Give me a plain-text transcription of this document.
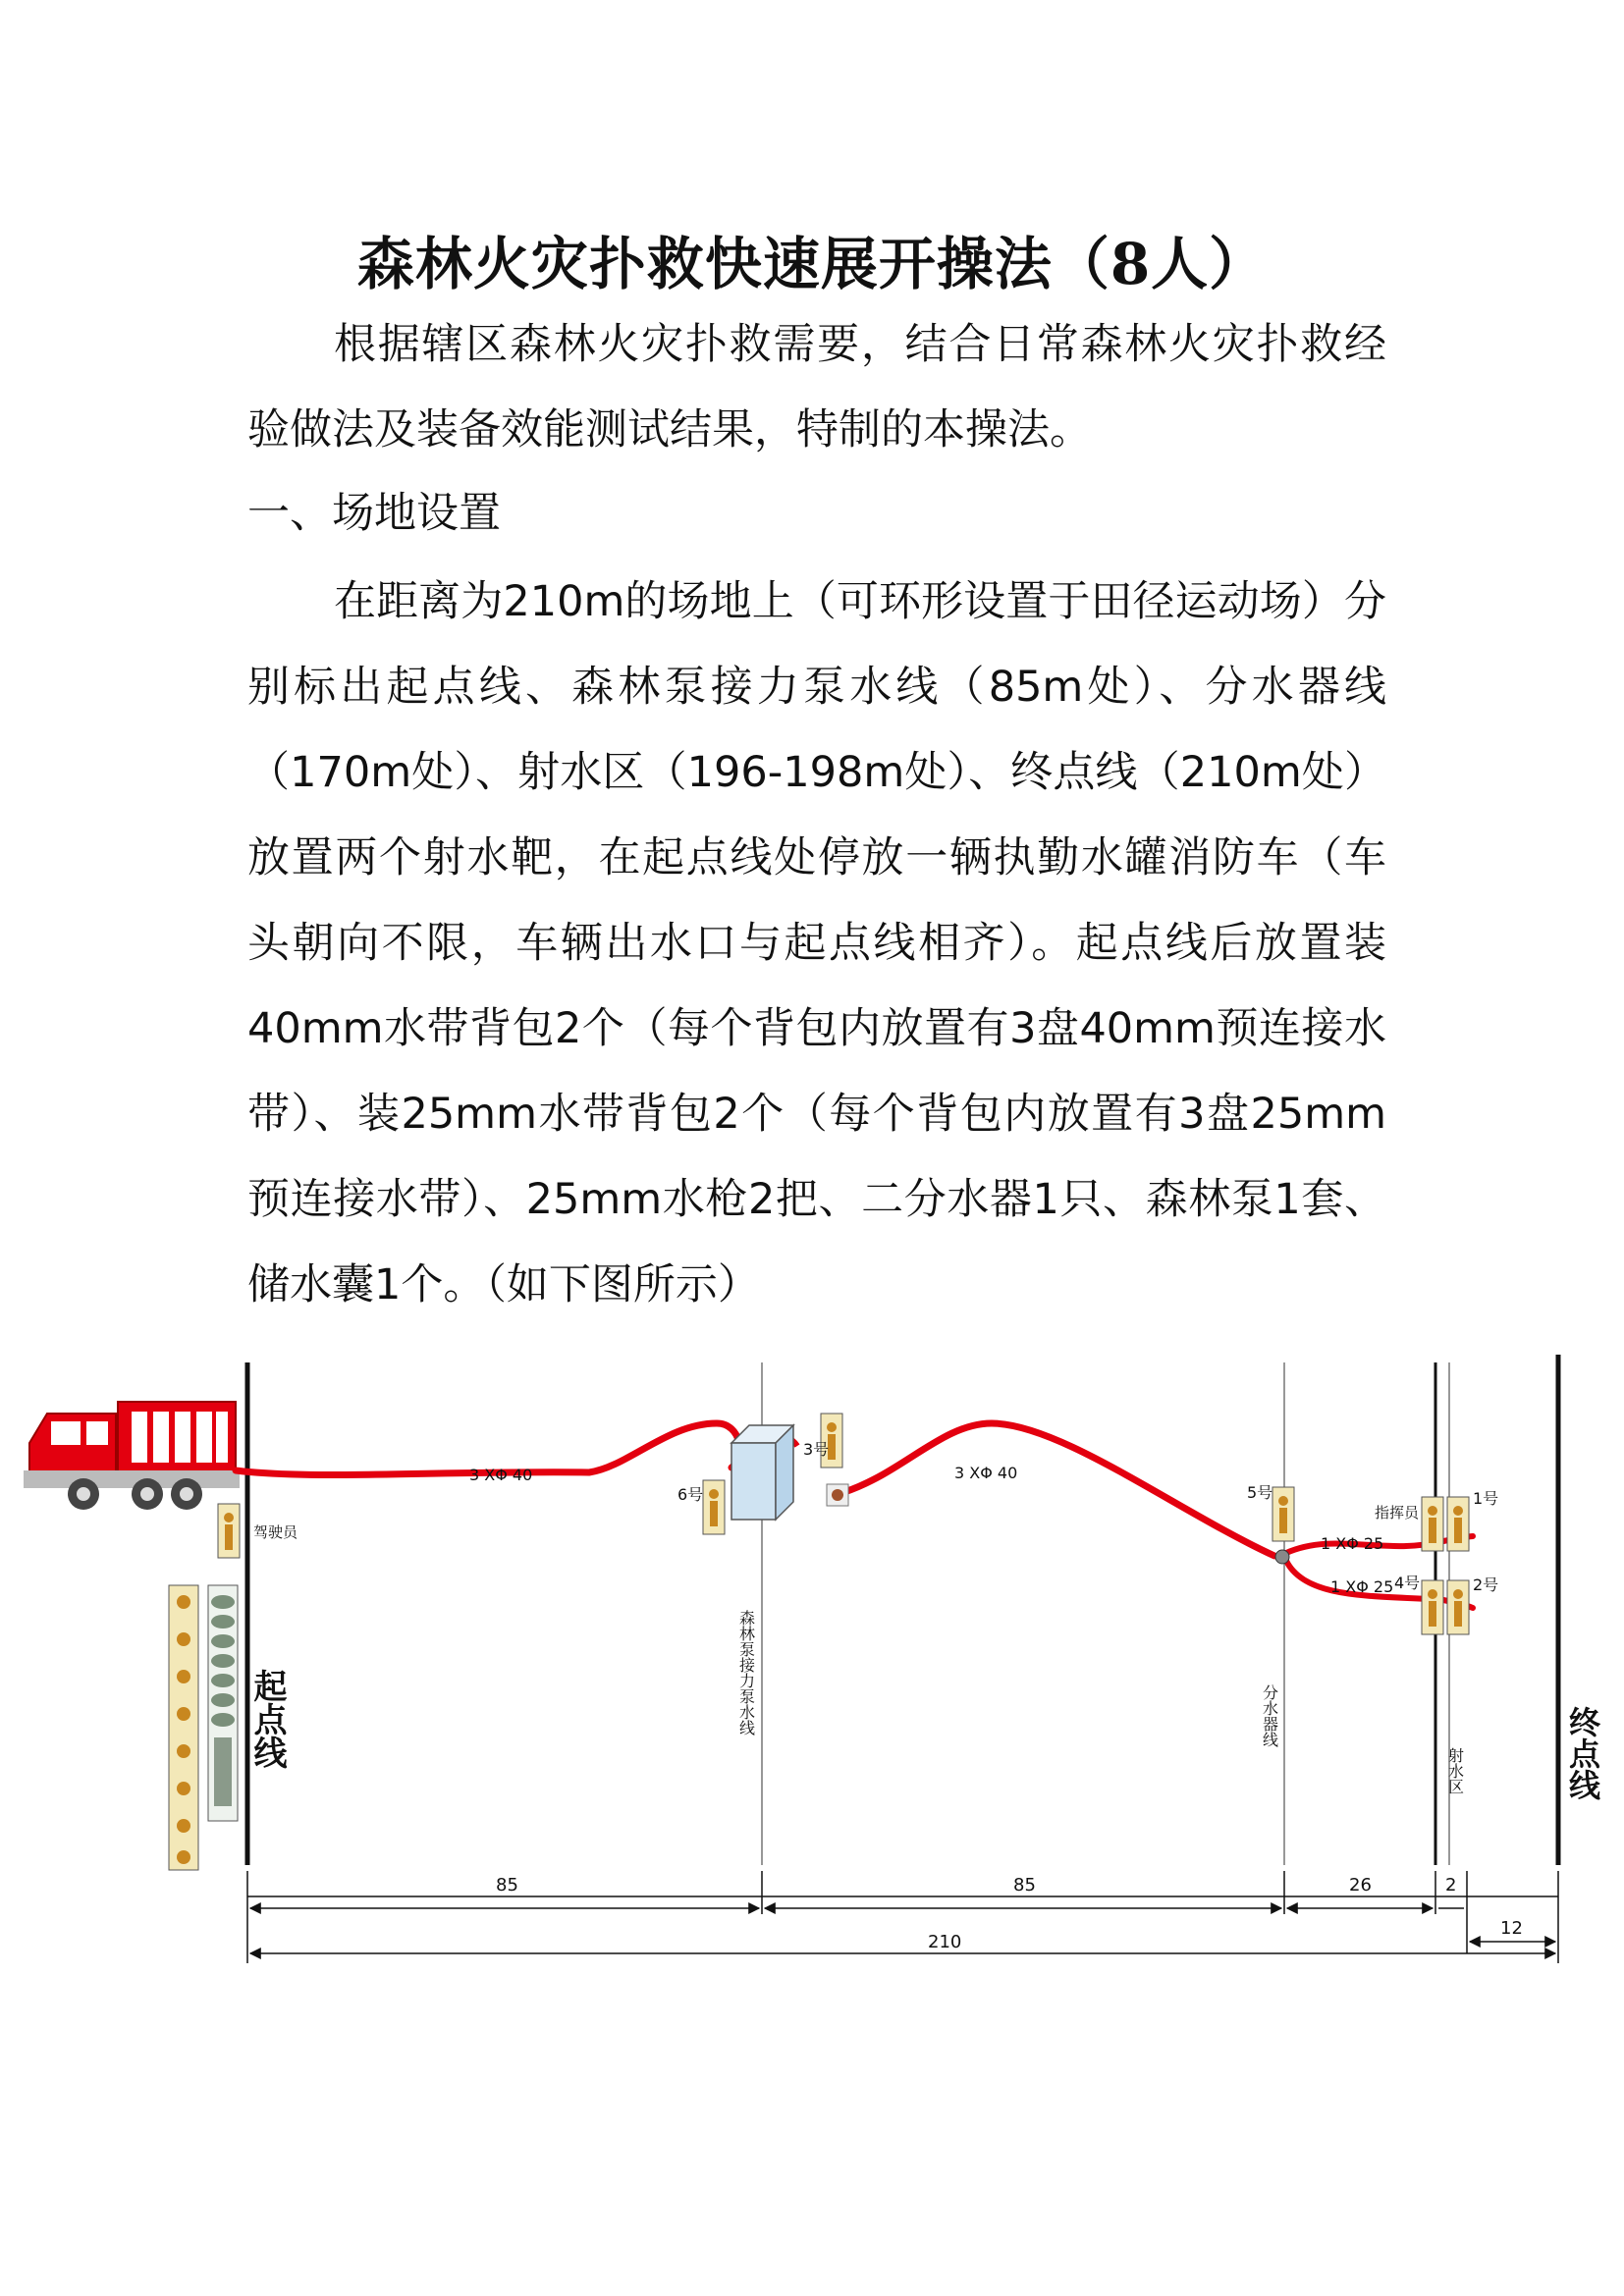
森林火灾扑救快速展开操法（8人）
根据辖区森林火灾扑救需要，结合日常森林火灾扑救经验做法及装备效能测试结果，特制的本操法。
一、场地设置
在距离为210m的场地上（可环形设置于田径运动场）分别标出起点线、森林泵接力泵水线（85m处）、分水器线（170m处）、射水区（196-198m处）、终点线（210m处）放置两个射水靶，在起点线处停放一辆执勤水罐消防车（车头朝向不限，车辆出水口与起点线相齐）。起点线后放置装40mm水带背包2个（每个背包内放置有3盘40mm预连接水带）、装25mm水带背包2个（每个背包内放置有3盘25mm预连接水带）、25mm水枪2把、二分水器1只、森林泵1套、储水囊1个。（如下图所示）
3 XΦ 40	3 XΦ 40
1 XΦ 25
1 XΦ 25
驾驶员
6号
3号
5号
指挥员
1号
4号	2号
起点线	森林泵接力泵水线	分水器线
射水区	终点线
85	85	26	2
12
210
